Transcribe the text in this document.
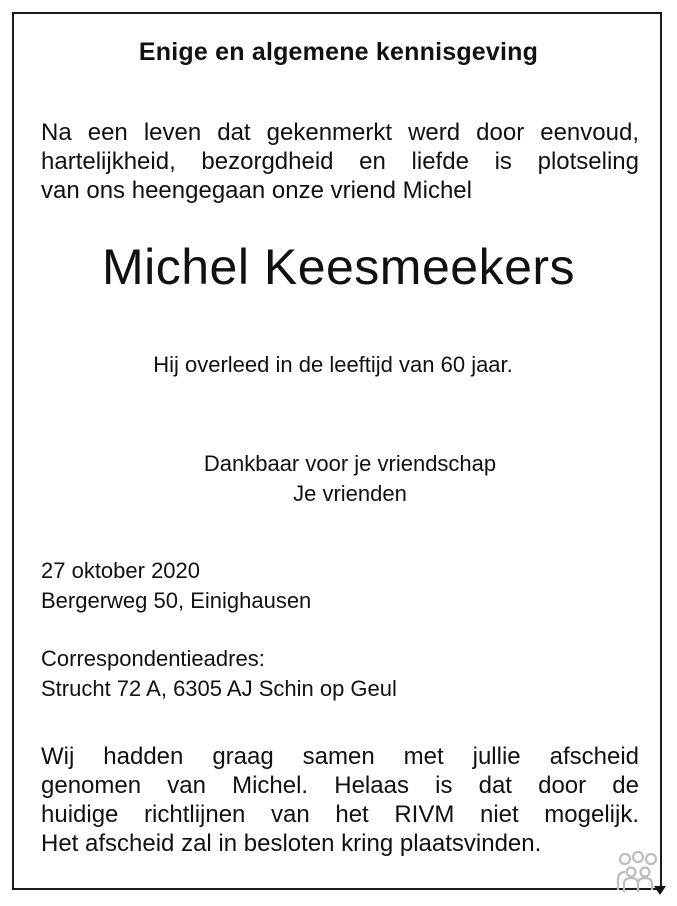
Enige en algemene kennisgeving
Na een leven dat gekenmerkt werd door eenvoud,
hartelijkheid, bezorgdheid en liefde is plotseling
van ons heengegaan onze vriend Michel
Michel Keesmeekers
Hij overleed in de leeftijd van 60 jaar.
Dankbaar voor je vriendschap
Je vrienden
27 oktober 2020
Bergerweg 50, Einighausen
Correspondentieadres:
Strucht 72 A, 6305 AJ Schin op Geul
Wij hadden graag samen met jullie afscheid
genomen van Michel. Helaas is dat door de
huidige richtlijnen van het RIVM niet mogelijk.
Het afscheid zal in besloten kring plaatsvinden.
